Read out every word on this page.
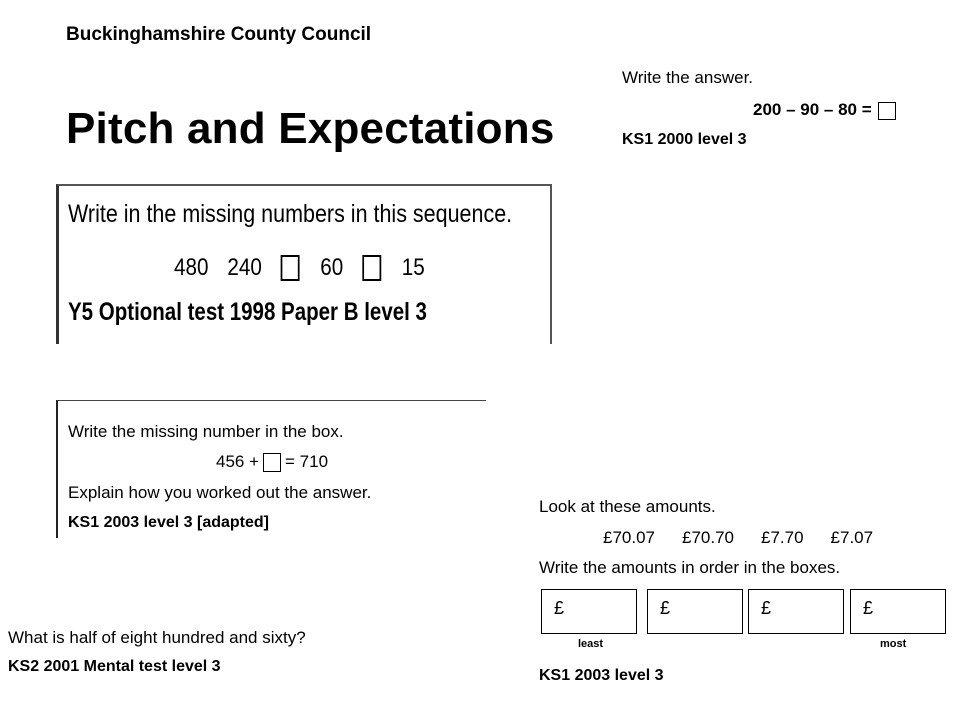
Buckinghamshire County Council
Pitch and Expectations
Write the answer.
200 – 90 – 80 =
KS1 2000 level 3
Write in the missing numbers in this sequence.
480 240 60 15
Y5 Optional test 1998 Paper B level 3
Write the missing number in the box.
456 + = 710
Explain how you worked out the answer.
KS1 2003 level 3 [adapted]
Look at these amounts.
£70.07 £70.70 £7.70 £7.07
Write the amounts in order in the boxes.
£	£	£	£
least	most
KS1 2003 level 3
What is half of eight hundred and sixty?
KS2 2001 Mental test level 3
